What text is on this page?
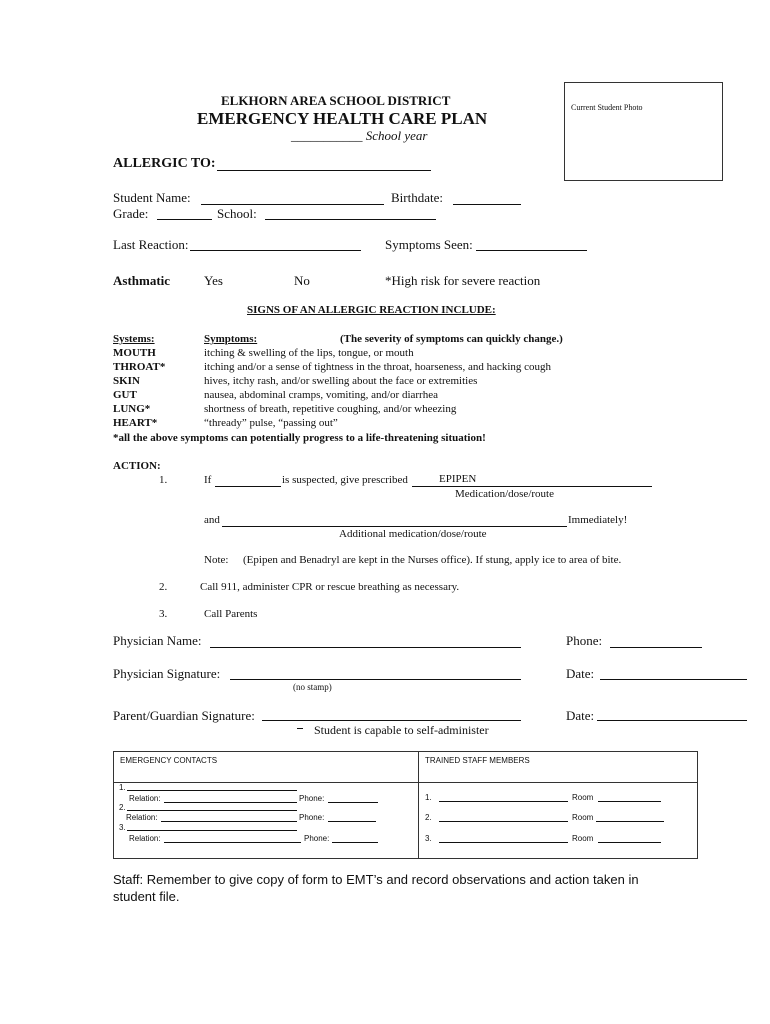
ELKHORN AREA SCHOOL DISTRICT
EMERGENCY HEALTH CARE PLAN
___________ School year
Current Student Photo
ALLERGIC TO:
Student Name:	Birthdate:
Grade:	School:
Last Reaction:	Symptoms Seen:
Asthmatic	Yes	No	*High risk for severe reaction
SIGNS OF AN ALLERGIC REACTION INCLUDE:
Systems:	Symptoms:	(The severity of symptoms can quickly change.)
MOUTH	itching & swelling of the lips, tongue, or mouth
THROAT*	itching and/or a sense of tightness in the throat, hoarseness, and hacking cough
SKIN	hives, itchy rash, and/or swelling about the face or extremities
GUT	nausea, abdominal cramps, vomiting, and/or diarrhea
LUNG*	shortness of breath, repetitive coughing, and/or wheezing
HEART*	“thready” pulse, “passing out”
*all the above symptoms can potentially progress to a life-threatening situation!
ACTION:
1.	If	is suspected, give prescribed	EPIPEN
Medication/dose/route
and	Immediately!
Additional medication/dose/route
Note: (Epipen and Benadryl are kept in the Nurses office). If stung, apply ice to area of bite.
2.	Call 911, administer CPR or rescue breathing as necessary.
3.	Call Parents
Physician Name:	Phone:
Physician Signature:	Date:
(no stamp)
Parent/Guardian Signature:	Date:
Student is capable to self-administer
EMERGENCY CONTACTS	TRAINED STAFF MEMBERS
1.
Relation:	Phone:
2.
Relation:	Phone:
3.
Relation:	Phone:
1.	Room
2.	Room
3.	Room
Staff: Remember to give copy of form to EMT’s and record observations and action taken in
student file.
